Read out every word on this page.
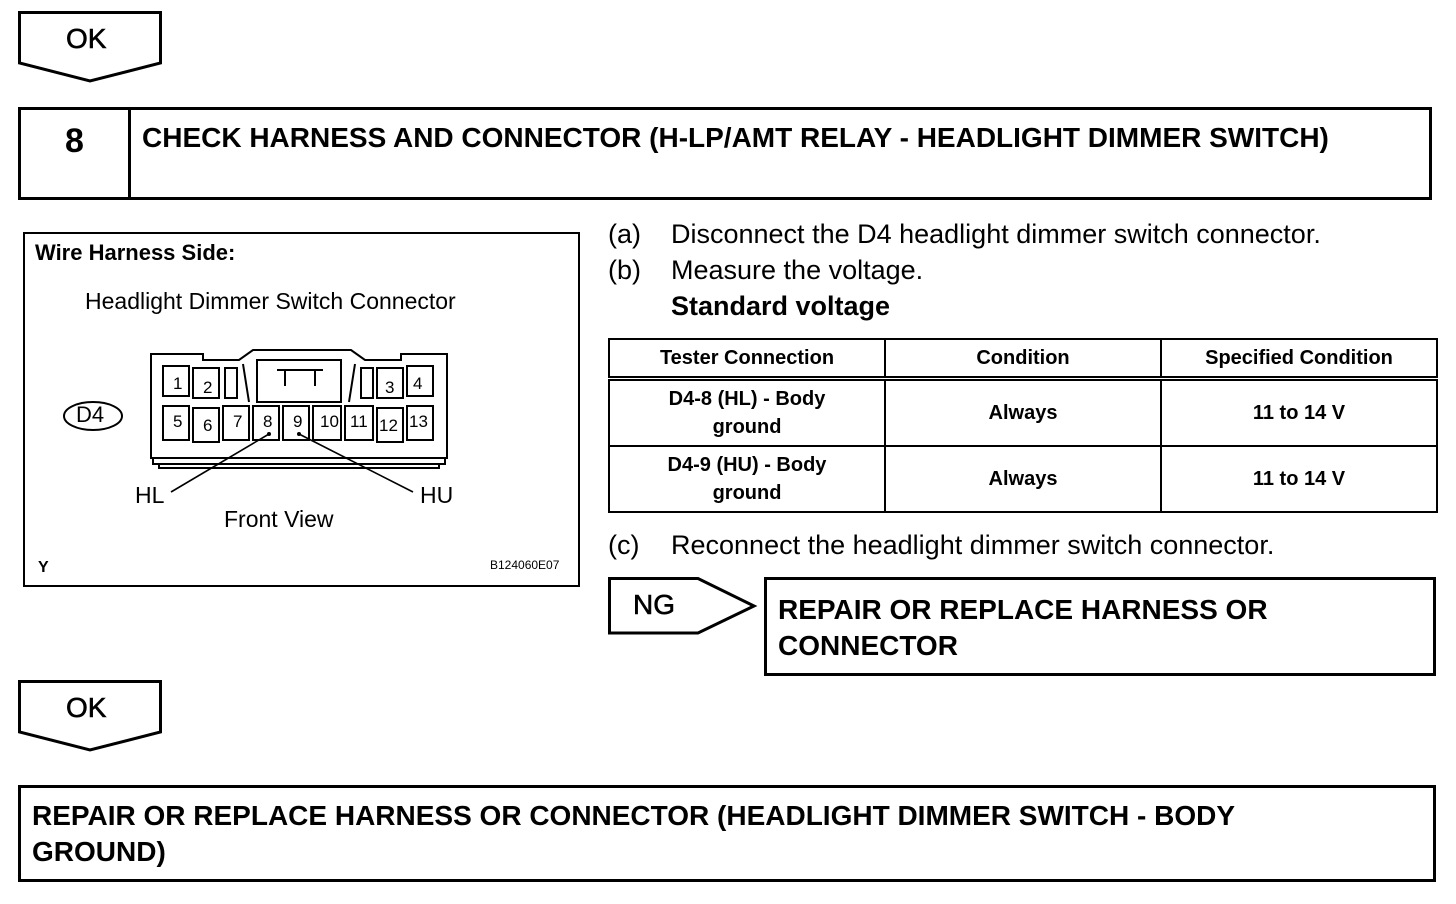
OK
8	CHECK HARNESS AND CONNECTOR (H-LP/AMT RELAY - HEADLIGHT DIMMER SWITCH)
Wire Harness Side:
Headlight Dimmer Switch Connector
D4
1 2	3 4
5 6 7 8 9 10 11 12 13
HL	HU
Front View
Y	B124060E07
(a) Disconnect the D4 headlight dimmer switch connector.
(b) Measure the voltage.
Standard voltage
Tester Connection	Condition	Specified Condition

D4-8 (HL) - Body
ground	Always	11 to 14 V

D4-9 (HU) - Body
ground	Always	11 to 14 V
(c) Reconnect the headlight dimmer switch connector.
NG	REPAIR OR REPLACE HARNESS OR
CONNECTOR
OK
REPAIR OR REPLACE HARNESS OR CONNECTOR (HEADLIGHT DIMMER SWITCH - BODY
GROUND)
